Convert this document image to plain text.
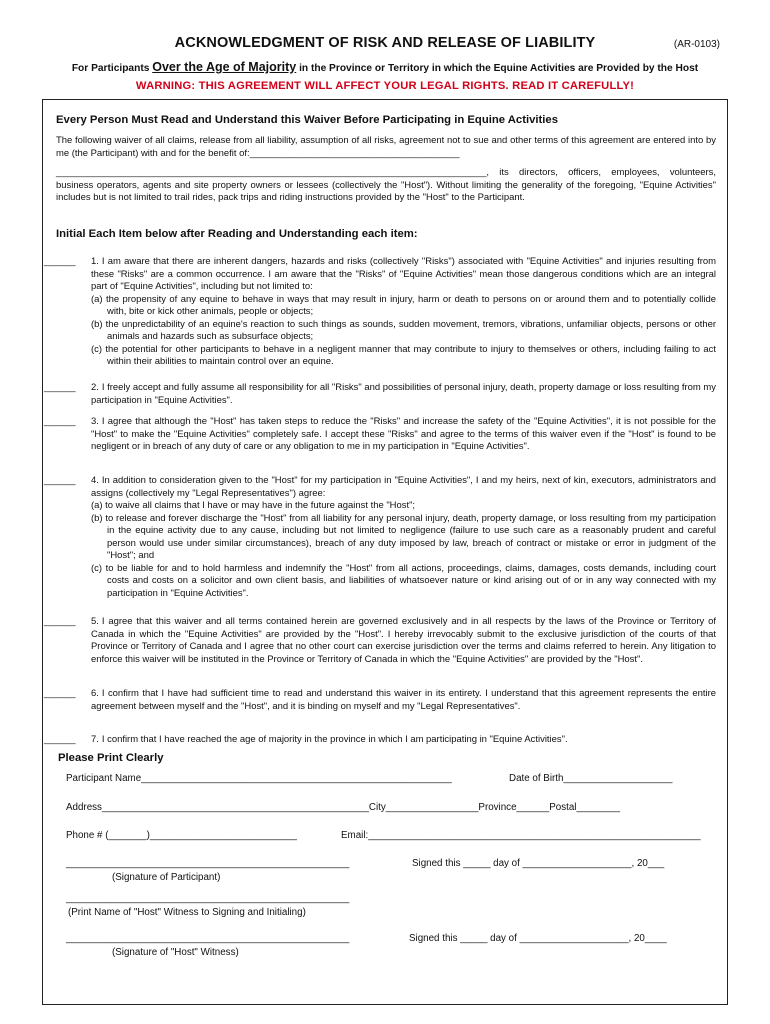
ACKNOWLEDGMENT OF RISK AND RELEASE OF LIABILITY	(AR-0103)
For Participants Over the Age of Majority in the Province or Territory in which the Equine Activities are Provided by the Host
WARNING: THIS AGREEMENT WILL AFFECT YOUR LEGAL RIGHTS. READ IT CAREFULLY!
Every Person Must Read and Understand this Waiver Before Participating in Equine Activities
The following waiver of all claims, release from all liability, assumption of all risks, agreement not to sue and other terms of this agreement are entered into by me (the Participant) with and for the benefit of:________________________________________
__________________________________________________________________________________, its directors, officers, employees, volunteers, business operators, agents and site property owners or lessees (collectively the "Host"). Without limiting the generality of the foregoing, "Equine Activities" includes but is not limited to trail rides, pack trips and riding instructions provided by the "Host" to the Participant.
Initial Each Item below after Reading and Understanding each item:
______ 1. I am aware that there are inherent dangers, hazards and risks (collectively "Risks") associated with "Equine Activities" and injuries resulting from these "Risks" are a common occurrence. I am aware that the "Risks" of "Equine Activities" mean those dangerous conditions which are an integral part of "Equine Activities", including but not limited to:
(a) the propensity of any equine to behave in ways that may result in injury, harm or death to persons on or around them and to potentially collide with, bite or kick other animals, people or objects;
(b) the unpredictability of an equine's reaction to such things as sounds, sudden movement, tremors, vibrations, unfamiliar objects, persons or other animals and hazards such as subsurface objects;
(c) the potential for other participants to behave in a negligent manner that may contribute to injury to themselves or others, including failing to act within their abilities to maintain control over an equine.
______ 2. I freely accept and fully assume all responsibility for all "Risks" and possibilities of personal injury, death, property damage or loss resulting from my participation in "Equine Activities".
______ 3. I agree that although the "Host" has taken steps to reduce the "Risks" and increase the safety of the "Equine Activities", it is not possible for the "Host" to make the "Equine Activities" completely safe. I accept these "Risks" and agree to the terms of this waiver even if the "Host" is found to be negligent or in breach of any duty of care or any obligation to me in my participation in "Equine Activities".
______ 4. In addition to consideration given to the "Host" for my participation in "Equine Activities", I and my heirs, next of kin, executors, administrators and assigns (collectively my "Legal Representatives") agree:
(a) to waive all claims that I have or may have in the future against the "Host";
(b) to release and forever discharge the "Host" from all liability for any personal injury, death, property damage, or loss resulting from my participation in the equine activity due to any cause, including but not limited to negligence (failure to use such care as a reasonably prudent and careful person would use under similar circumstances), breach of any duty imposed by law, breach of contract or mistake or error in judgment of the "Host"; and
(c) to be liable for and to hold harmless and indemnify the "Host" from all actions, proceedings, claims, damages, costs demands, including court costs and costs on a solicitor and own client basis, and liabilities of whatsoever nature or kind arising out of or in any way connected with my participation in "Equine Activities".
______ 5. I agree that this waiver and all terms contained herein are governed exclusively and in all respects by the laws of the Province or Territory of Canada in which the "Equine Activities" are provided by the "Host". I hereby irrevocably submit to the exclusive jurisdiction of the courts of that Province or Territory of Canada and I agree that no other court can exercise jurisdiction over the terms and claims referred to herein. Any litigation to enforce this waiver will be instituted in the Province or Territory of Canada in which the "Equine Activities" are provided by the "Host".
______ 6. I confirm that I have had sufficient time to read and understand this waiver in its entirety. I understand that this agreement represents the entire agreement between myself and the "Host", and it is binding on myself and my "Legal Representatives".
______ 7. I confirm that I have reached the age of majority in the province in which I am participating in "Equine Activities".
Please Print Clearly
Participant Name_________________________________________________________	Date of Birth____________________
Address_________________________________________________City_________________Province______Postal________
Phone # (_______)___________________________	Email:_____________________________________________________________
____________________________________________________	Signed this _____ day of ____________________, 20___
(Signature of Participant)
____________________________________________________
(Print Name of "Host" Witness to Signing and Initialing)
____________________________________________________	Signed this _____ day of ____________________, 20____
(Signature of "Host" Witness)
